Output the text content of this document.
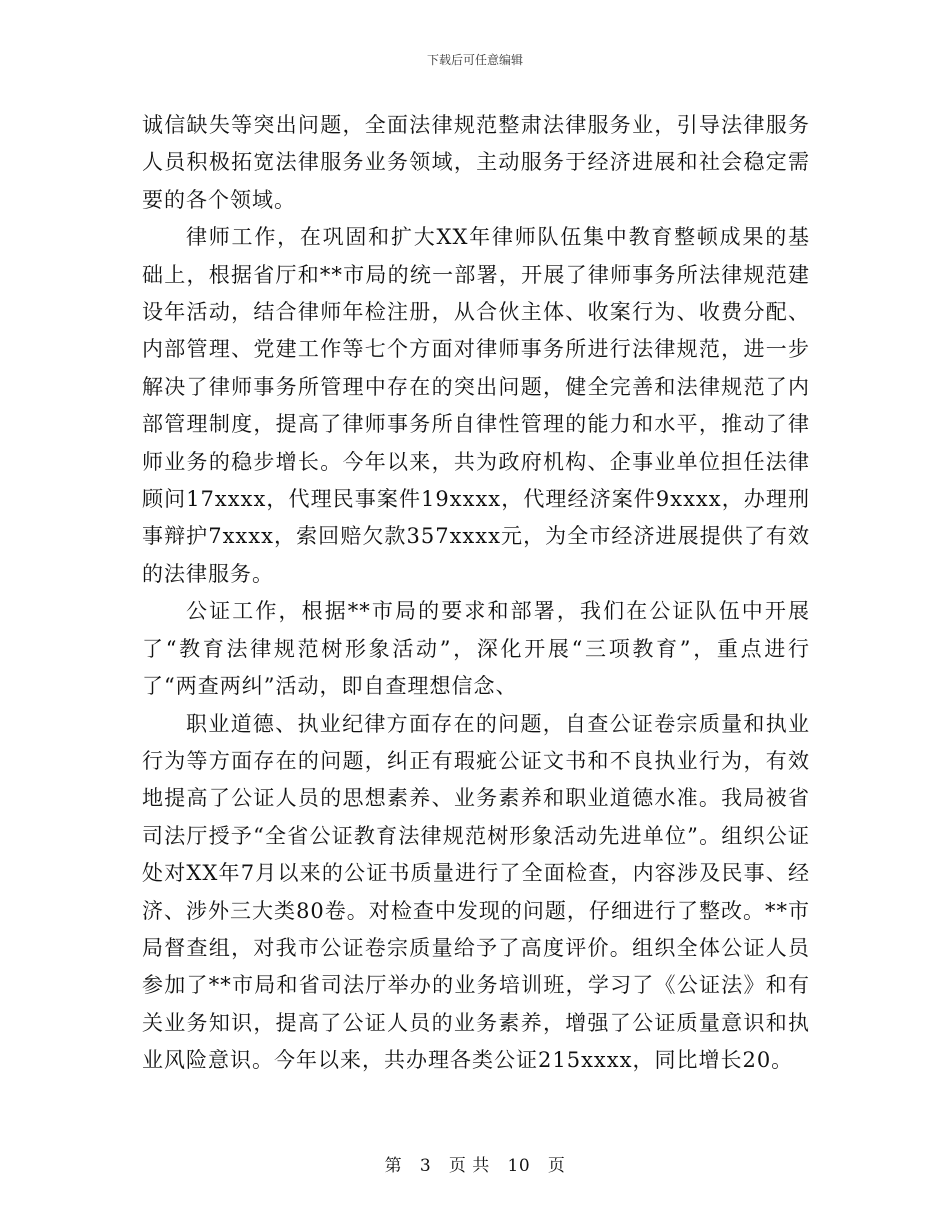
下载后可任意编辑

诚信缺失等突出问题，全面法律规范整肃法律服务业，引导法律服务人员积极拓宽法律服务业务领域，主动服务于经济进展和社会稳定需要的各个领域。

律师工作，在巩固和扩大XX年律师队伍集中教育整顿成果的基础上，根据省厅和**市局的统一部署，开展了律师事务所法律规范建设年活动，结合律师年检注册，从合伙主体、收案行为、收费分配、内部管理、党建工作等七个方面对律师事务所进行法律规范，进一步解决了律师事务所管理中存在的突出问题，健全完善和法律规范了内部管理制度，提高了律师事务所自律性管理的能力和水平，推动了律师业务的稳步增长。今年以来，共为政府机构、企事业单位担任法律顾问17xxxx，代理民事案件19xxxx，代理经济案件9xxxx，办理刑事辩护7xxxx，索回赔欠款357xxxx元，为全市经济进展提供了有效的法律服务。

公证工作，根据**市局的要求和部署，我们在公证队伍中开展了“教育法律规范树形象活动”，深化开展“三项教育”，重点进行了“两查两纠”活动，即自查理想信念、

职业道德、执业纪律方面存在的问题，自查公证卷宗质量和执业行为等方面存在的问题，纠正有瑕疵公证文书和不良执业行为，有效地提高了公证人员的思想素养、业务素养和职业道德水准。我局被省司法厅授予“全省公证教育法律规范树形象活动先进单位”。组织公证处对XX年7月以来的公证书质量进行了全面检查，内容涉及民事、经济、涉外三大类80卷。对检查中发现的问题，仔细进行了整改。**市局督查组，对我市公证卷宗质量给予了高度评价。组织全体公证人员参加了**市局和省司法厅举办的业务培训班，学习了《公证法》和有关业务知识，提高了公证人员的业务素养，增强了公证质量意识和执业风险意识。今年以来，共办理各类公证215xxxx，同比增长20。

第 3 页 共 10 页
